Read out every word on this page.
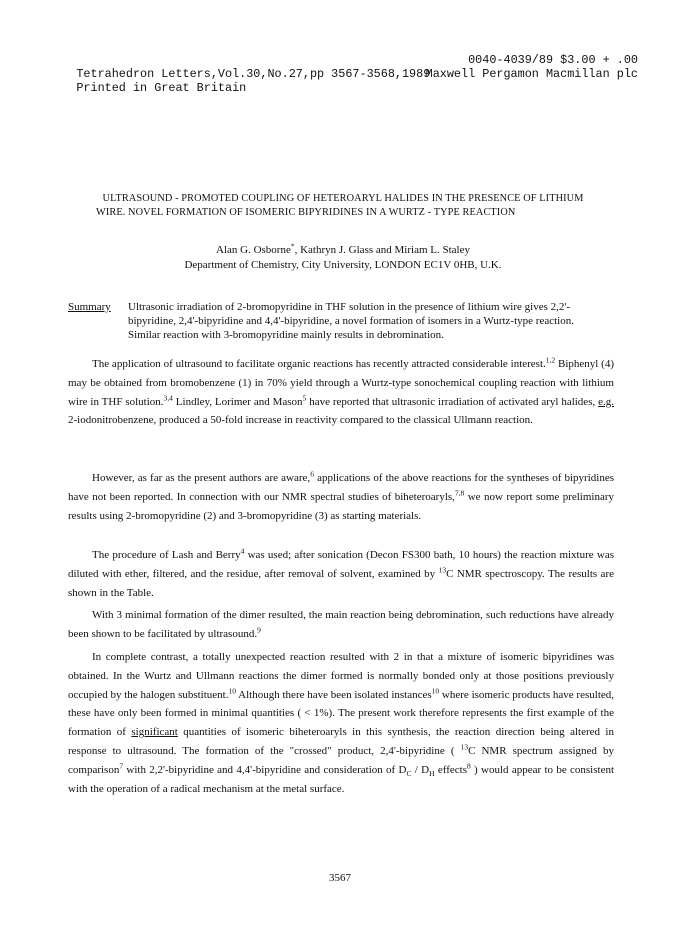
Tetrahedron Letters,Vol.30,No.27,pp 3567-3568,1989

0040-4039/89 $3.00 + .00

Printed in Great Britain

Maxwell Pergamon Macmillan plc

ULTRASOUND - PROMOTED COUPLING OF HETEROARYL HALIDES IN THE PRESENCE OF LITHIUM
WIRE. NOVEL FORMATION OF ISOMERIC BIPYRIDINES IN A WURTZ - TYPE REACTION
Alan G. Osborne*, Kathryn J. Glass and Miriam L. Staley
Department of Chemistry, City University, LONDON EC1V 0HB, U.K.
Summary Ultrasonic irradiation of 2-bromopyridine in THF solution in the presence of lithium wire gives 2,2'-bipyridine, 2,4'-bipyridine and 4,4'-bipyridine, a novel formation of isomers in a Wurtz-type reaction. Similar reaction with 3-bromopyridine mainly results in debromination.

The application of ultrasound to facilitate organic reactions has recently attracted considerable interest.$^{1,2}$ Biphenyl (4) may be obtained from bromobenzene (1) in 70% yield through a Wurtz-type sonochemical coupling reaction with lithium wire in THF solution.$^{3,4}$ Lindley, Lorimer and Mason$^5$ have reported that ultrasonic irradiation of activated aryl halides, e.g. 2-iodonitrobenzene, produced a 50-fold increase in reactivity compared to the classical Ullmann reaction.

However, as far as the present authors are aware,$^6$ applications of the above reactions for the syntheses of bipyridines have not been reported. In connection with our NMR spectral studies of biheteroaryls,$^{7,8}$ we now report some preliminary results using 2-bromopyridine (2) and 3-bromopyridine (3) as starting materials.

The procedure of Lash and Berry$^4$ was used; after sonication (Decon FS300 bath, 10 hours) the reaction mixture was diluted with ether, filtered, and the residue, after removal of solvent, examined by $^{13}$C NMR spectroscopy. The results are shown in the Table.

With 3 minimal formation of the dimer resulted, the main reaction being debromination, such reductions have already been shown to be facilitated by ultrasound.$^9$

In complete contrast, a totally unexpected reaction resulted with 2 in that a mixture of isomeric bipyridines was obtained. In the Wurtz and Ullmann reactions the dimer formed is normally bonded only at those positions previously occupied by the halogen substituent.$^{10}$ Although there have been isolated instances$^{10}$ where isomeric products have resulted, these have only been formed in minimal quantities ( < 1%). The present work therefore represents the first example of the formation of significant quantities of isomeric biheteroaryls in this synthesis, the reaction direction being altered in response to ultrasound. The formation of the "crossed" product, 2,4'-bipyridine ( $^{13}$C NMR spectrum assigned by comparison$^7$ with 2,2'-bipyridine and 4,4'-bipyridine and consideration of $D_C / D_H$ effects$^8$ ) would appear to be consistent with the operation of a radical mechanism at the metal surface.

3567
